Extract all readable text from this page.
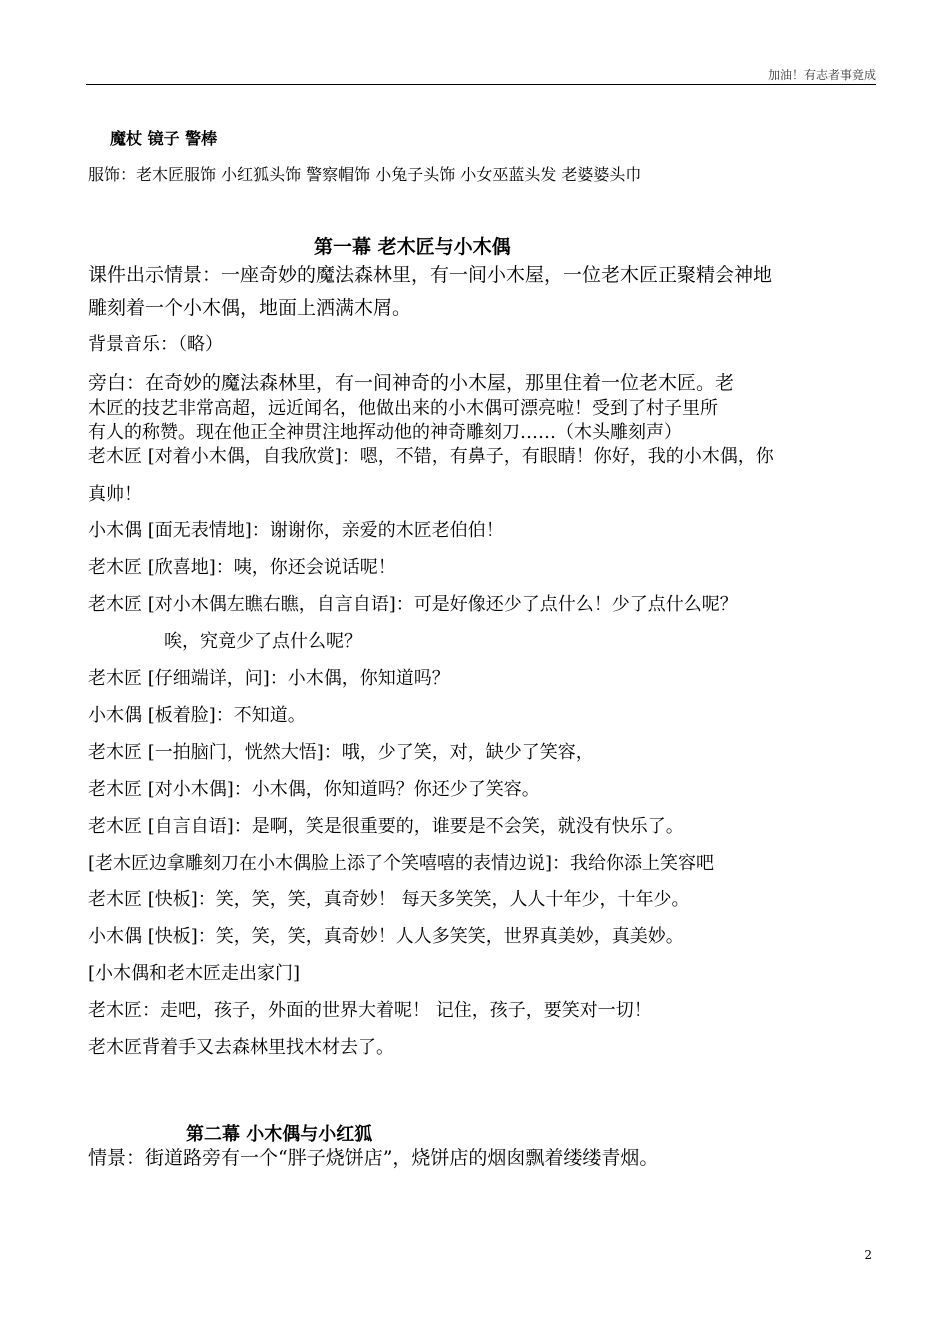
加油！有志者事竟成
魔杖 镜子 警棒
服饰：老木匠服饰 小红狐头饰 警察帽饰 小兔子头饰 小女巫蓝头发 老婆婆头巾
第一幕 老木匠与小木偶
课件出示情景：一座奇妙的魔法森林里，有一间小木屋，一位老木匠正聚精会神地
雕刻着一个小木偶，地面上洒满木屑。
背景音乐：（略）
旁白：在奇妙的魔法森林里，有一间神奇的小木屋，那里住着一位老木匠。老
木匠的技艺非常高超，远近闻名，他做出来的小木偶可漂亮啦！受到了村子里所
有人的称赞。现在他正全神贯注地挥动他的神奇雕刻刀……（木头雕刻声）
老木匠 [对着小木偶，自我欣赏]：嗯，不错，有鼻子，有眼睛！你好，我的小木偶，你
真帅！
小木偶 [面无表情地]：谢谢你，亲爱的木匠老伯伯！
老木匠 [欣喜地]：咦，你还会说话呢！
老木匠 [对小木偶左瞧右瞧，自言自语]：可是好像还少了点什么！少了点什么呢？
唉，究竟少了点什么呢？
老木匠 [仔细端详，问]：小木偶，你知道吗？
小木偶 [板着脸]：不知道。
老木匠 [一拍脑门，恍然大悟]：哦，少了笑，对，缺少了笑容，
老木匠 [对小木偶]：小木偶，你知道吗？你还少了笑容。
老木匠 [自言自语]：是啊，笑是很重要的，谁要是不会笑，就没有快乐了。
[老木匠边拿雕刻刀在小木偶脸上添了个笑嘻嘻的表情边说]：我给你添上笑容吧
老木匠 [快板]：笑，笑，笑，真奇妙！ 每天多笑笑，人人十年少，十年少。
小木偶 [快板]：笑，笑，笑，真奇妙！人人多笑笑，世界真美妙，真美妙。
[小木偶和老木匠走出家门]
老木匠：走吧，孩子，外面的世界大着呢！ 记住，孩子，要笑对一切！
老木匠背着手又去森林里找木材去了。
第二幕 小木偶与小红狐
情景：街道路旁有一个“胖子烧饼店”，烧饼店的烟囱飘着缕缕青烟。
2
